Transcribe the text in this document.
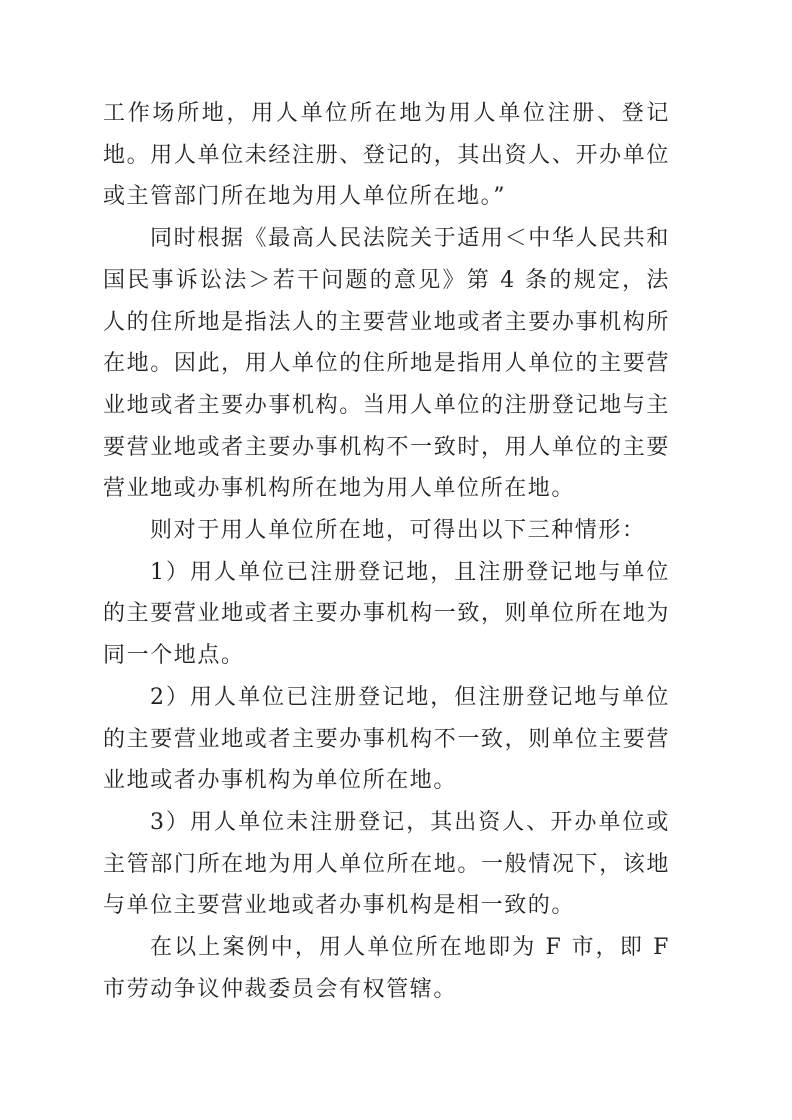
工作场所地，用人单位所在地为用人单位注册、登记地。用人单位未经注册、登记的，其出资人、开办单位或主管部门所在地为用人单位所在地。”

同时根据《最高人民法院关于适用＜中华人民共和国民事诉讼法＞若干问题的意见》第 4 条的规定，法人的住所地是指法人的主要营业地或者主要办事机构所在地。因此，用人单位的住所地是指用人单位的主要营业地或者主要办事机构。当用人单位的注册登记地与主要营业地或者主要办事机构不一致时，用人单位的主要营业地或办事机构所在地为用人单位所在地。

则对于用人单位所在地，可得出以下三种情形：

1）用人单位已注册登记地，且注册登记地与单位的主要营业地或者主要办事机构一致，则单位所在地为同一个地点。

2）用人单位已注册登记地，但注册登记地与单位的主要营业地或者主要办事机构不一致，则单位主要营业地或者办事机构为单位所在地。

3）用人单位未注册登记，其出资人、开办单位或主管部门所在地为用人单位所在地。一般情况下，该地与单位主要营业地或者办事机构是相一致的。

在以上案例中，用人单位所在地即为 F 市，即 F 市劳动争议仲裁委员会有权管辖。
